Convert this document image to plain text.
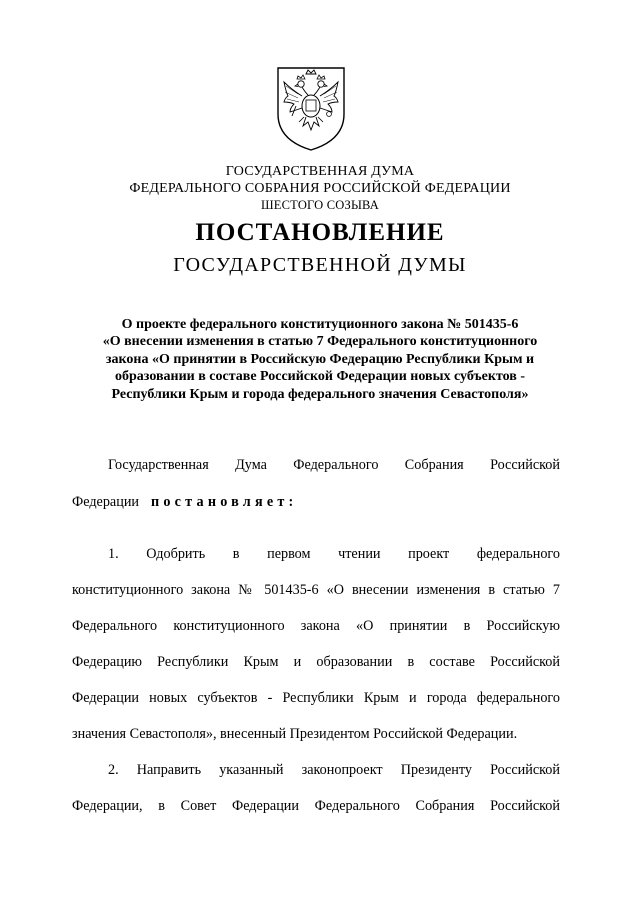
ГОСУДАРСТВЕННАЯ ДУМА
ФЕДЕРАЛЬНОГО СОБРАНИЯ РОССИЙСКОЙ ФЕДЕРАЦИИ
ШЕСТОГО СОЗЫВА
ПОСТАНОВЛЕНИЕ
ГОСУДАРСТВЕННОЙ ДУМЫ
О проекте федерального конституционного закона № 501435-6
«О внесении изменения в статью 7 Федерального конституционного
закона «О принятии в Российскую Федерацию Республики Крым и
образовании в составе Российской Федерации новых субъектов -
Республики Крым и города федерального значения Севастополя»
Государственная Дума Федерального Собрания Российской
Федерации постановляет:
1. Одобрить в первом чтении проект федерального
конституционного закона № 501435-6 «О внесении изменения в статью 7
Федерального конституционного закона «О принятии в Российскую
Федерацию Республики Крым и образовании в составе Российской
Федерации новых субъектов - Республики Крым и города федерального
значения Севастополя», внесенный Президентом Российской Федерации.
2. Направить указанный законопроект Президенту Российской
Федерации, в Совет Федерации Федерального Собрания Российской
